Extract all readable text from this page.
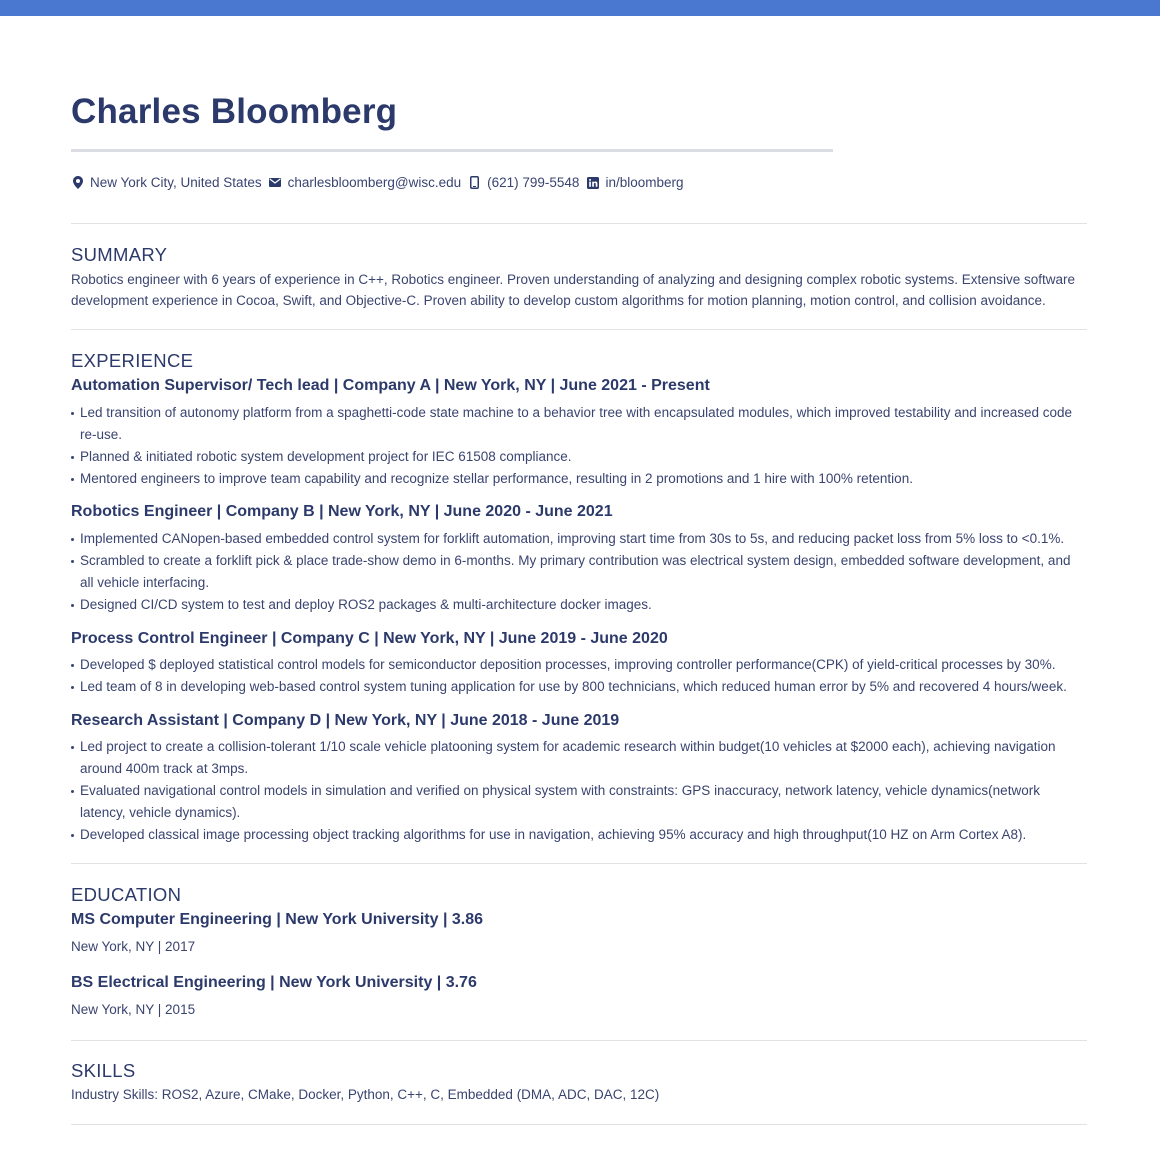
Charles Bloomberg
New York City, United States charlesbloomberg@wisc.edu (621) 799-5548 in/bloomberg
SUMMARY

Robotics engineer with 6 years of experience in C++, Robotics engineer. Proven understanding of analyzing and designing complex robotic systems. Extensive software development experience in Cocoa, Swift, and Objective-C. Proven ability to develop custom algorithms for motion planning, motion control, and collision avoidance.

EXPERIENCE
Automation Supervisor/ Tech lead | Company A | New York, NY | June 2021 - Present
Led transition of autonomy platform from a spaghetti-code state machine to a behavior tree with encapsulated modules, which improved testability and increased code re-use.
Planned & initiated robotic system development project for IEC 61508 compliance.
Mentored engineers to improve team capability and recognize stellar performance, resulting in 2 promotions and 1 hire with 100% retention.
Robotics Engineer | Company B | New York, NY | June 2020 - June 2021
Implemented CANopen-based embedded control system for forklift automation, improving start time from 30s to 5s, and reducing packet loss from 5% loss to <0.1%.
Scrambled to create a forklift pick & place trade-show demo in 6-months. My primary contribution was electrical system design, embedded software development, and all vehicle interfacing.
Designed CI/CD system to test and deploy ROS2 packages & multi-architecture docker images.
Process Control Engineer | Company C | New York, NY | June 2019 - June 2020
Developed $ deployed statistical control models for semiconductor deposition processes, improving controller performance(CPK) of yield-critical processes by 30%.
Led team of 8 in developing web-based control system tuning application for use by 800 technicians, which reduced human error by 5% and recovered 4 hours/week.
Research Assistant | Company D | New York, NY | June 2018 - June 2019
Led project to create a collision-tolerant 1/10 scale vehicle platooning system for academic research within budget(10 vehicles at $2000 each), achieving navigation around 400m track at 3mps.
Evaluated navigational control models in simulation and verified on physical system with constraints: GPS inaccuracy, network latency, vehicle dynamics(network latency, vehicle dynamics).
Developed classical image processing object tracking algorithms for use in navigation, achieving 95% accuracy and high throughput(10 HZ on Arm Cortex A8).
EDUCATION
MS Computer Engineering | New York University | 3.86

New York, NY | 2017

BS Electrical Engineering | New York University | 3.76

New York, NY | 2015

SKILLS

Industry Skills: ROS2, Azure, CMake, Docker, Python, C++, C, Embedded (DMA, ADC, DAC, 12C)
